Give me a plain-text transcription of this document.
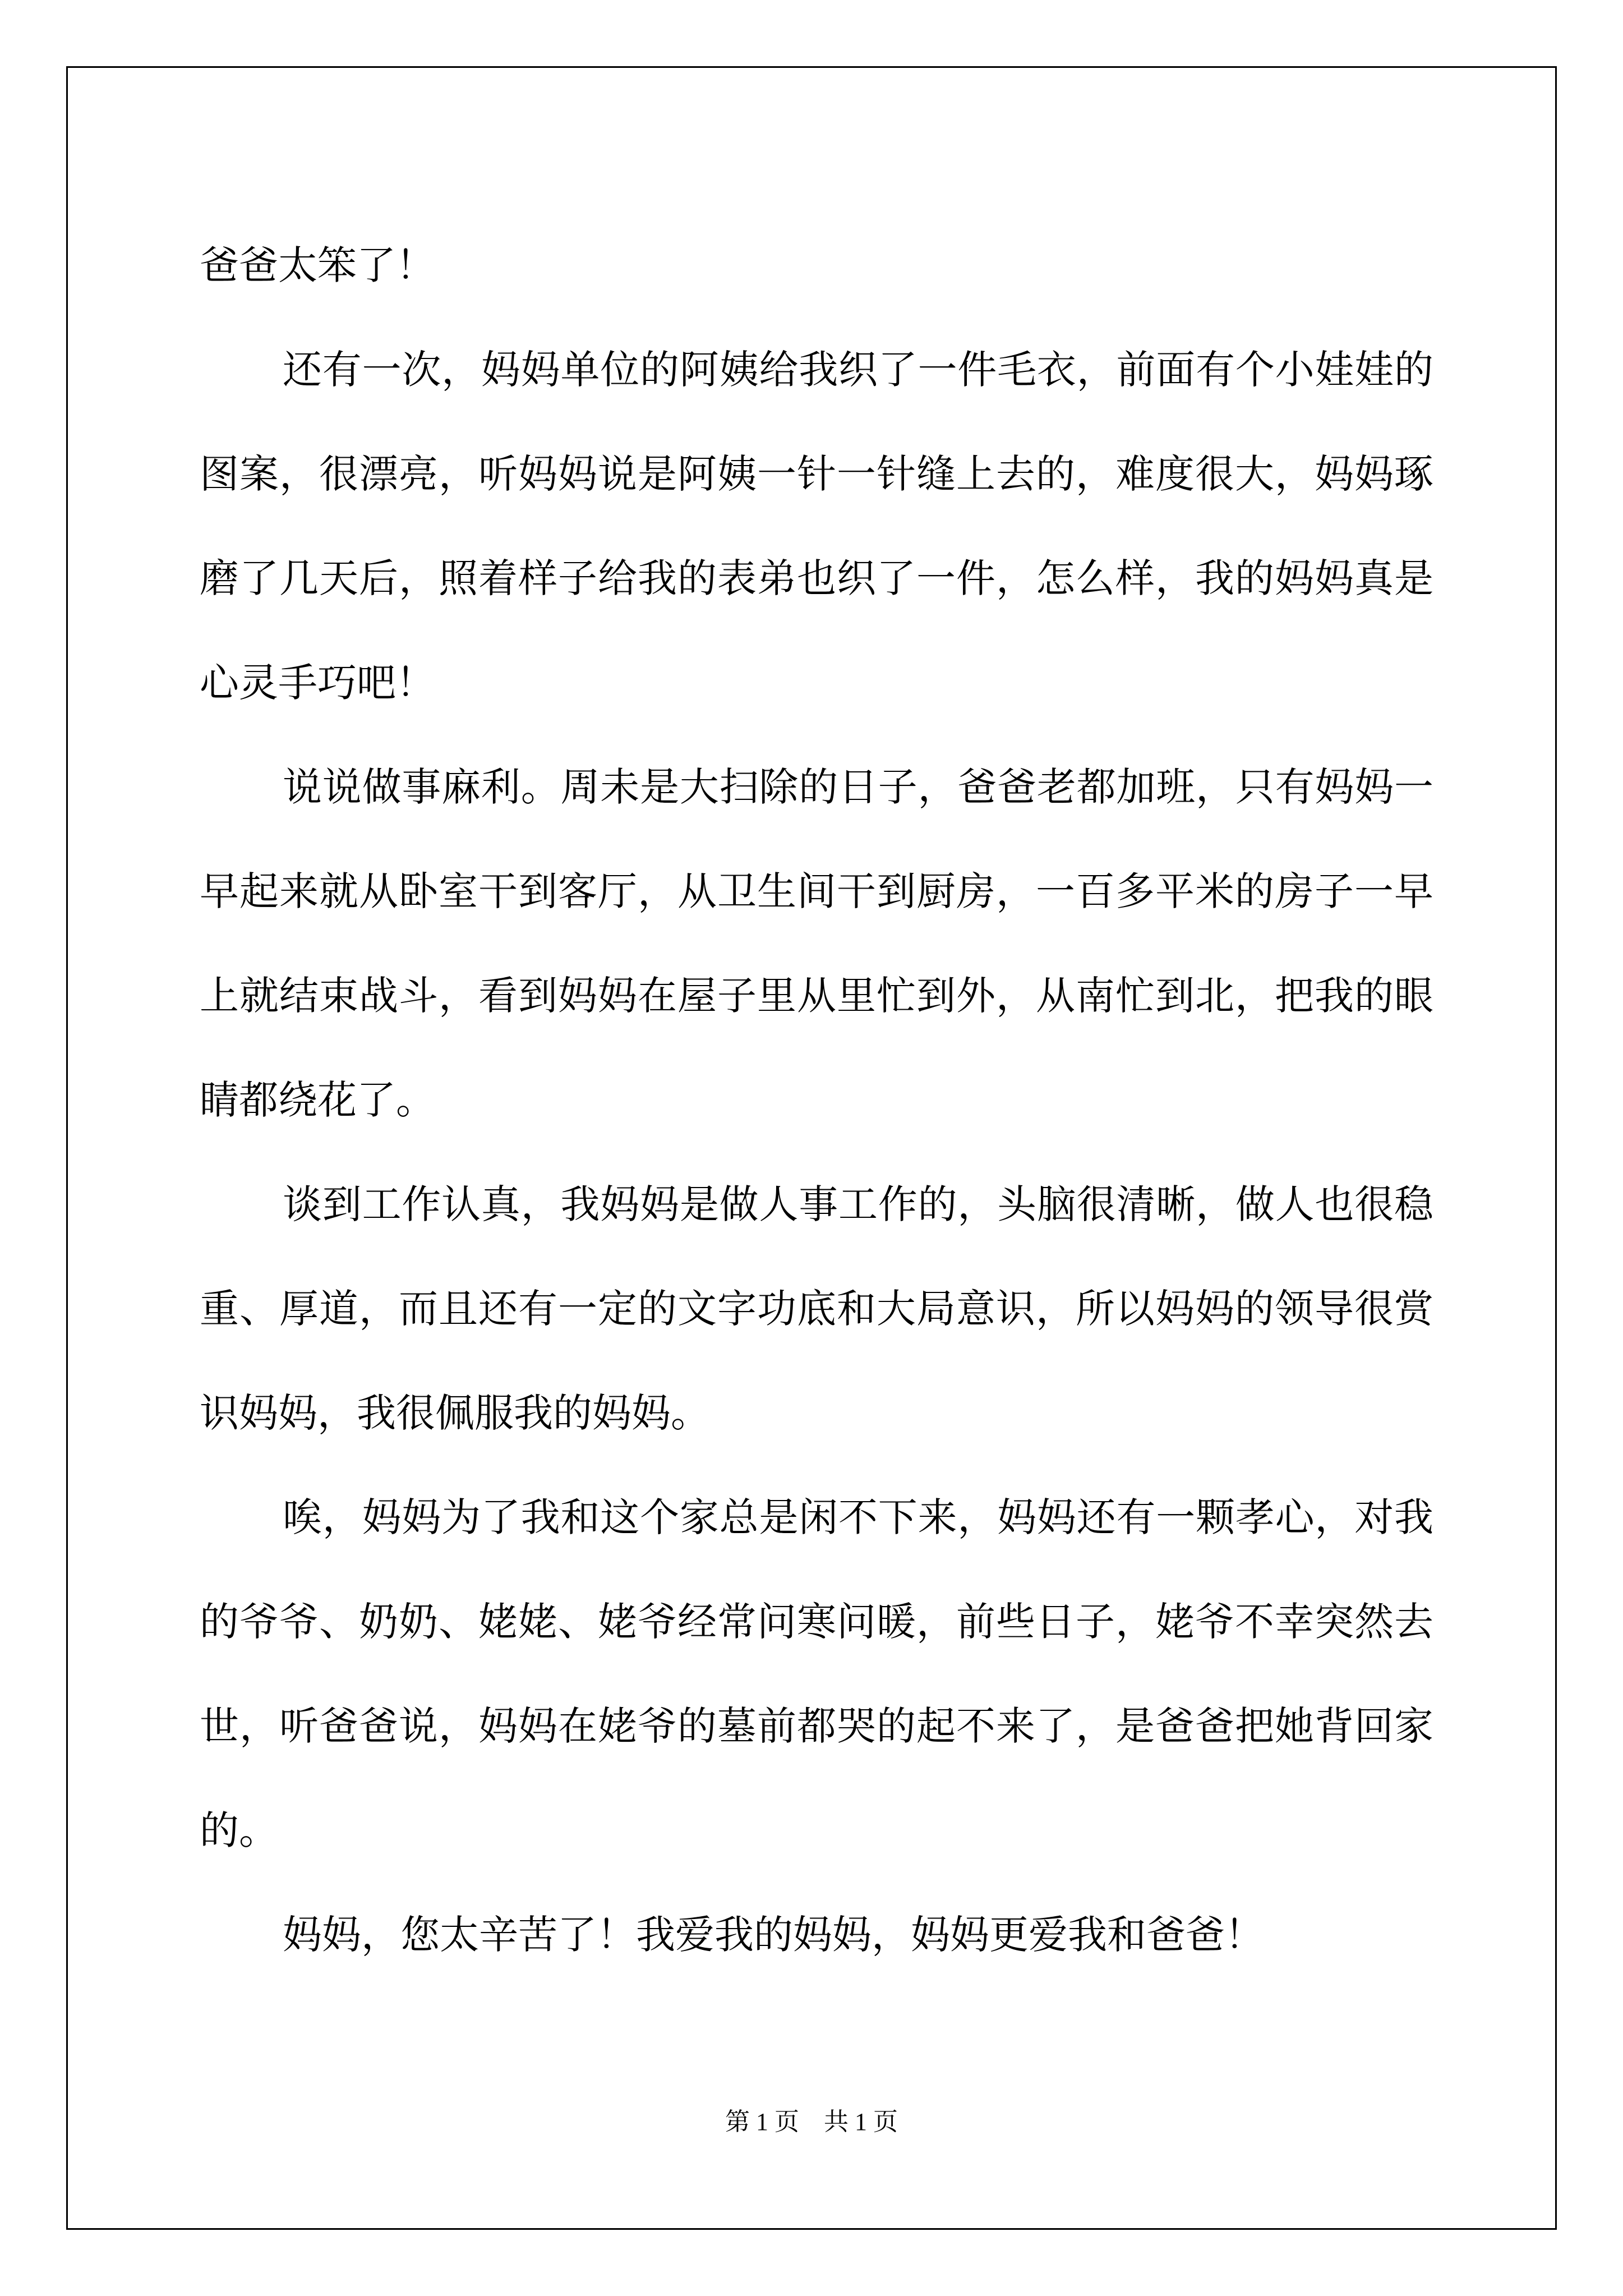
爸爸太笨了！

还有一次，妈妈单位的阿姨给我织了一件毛衣，前面有个小娃娃的图案，很漂亮，听妈妈说是阿姨一针一针缝上去的，难度很大，妈妈琢磨了几天后，照着样子给我的表弟也织了一件，怎么样，我的妈妈真是心灵手巧吧！

说说做事麻利。周未是大扫除的日子，爸爸老都加班，只有妈妈一早起来就从卧室干到客厅，从卫生间干到厨房，一百多平米的房子一早上就结束战斗，看到妈妈在屋子里从里忙到外，从南忙到北，把我的眼睛都绕花了。

谈到工作认真，我妈妈是做人事工作的，头脑很清晰，做人也很稳重、厚道，而且还有一定的文字功底和大局意识，所以妈妈的领导很赏识妈妈，我很佩服我的妈妈。

唉，妈妈为了我和这个家总是闲不下来，妈妈还有一颗孝心，对我的爷爷、奶奶、姥姥、姥爷经常问寒问暖，前些日子，姥爷不幸突然去世，听爸爸说，妈妈在姥爷的墓前都哭的起不来了，是爸爸把她背回家的。

妈妈，您太辛苦了！我爱我的妈妈，妈妈更爱我和爸爸！

第 1 页    共 1 页
